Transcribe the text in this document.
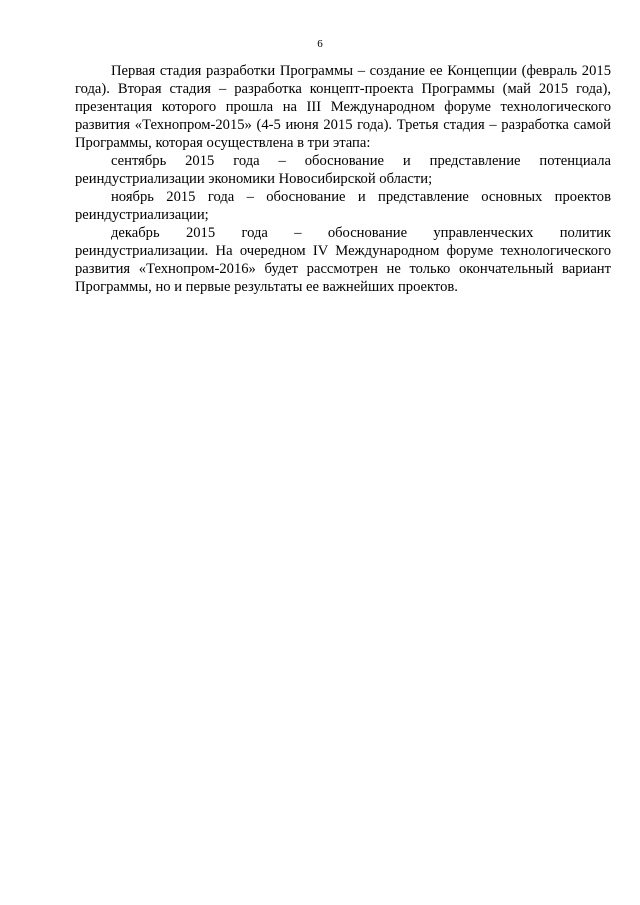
6

Первая стадия разработки Программы – создание ее Концепции (февраль 2015 года). Вторая стадия – разработка концепт-проекта Программы (май 2015 года), презентация которого прошла на III Международном форуме технологического развития «Технопром-2015» (4-5 июня 2015 года). Третья стадия – разработка самой Программы, которая осуществлена в три этапа:

сентябрь 2015 года – обоснование и представление потенциала реиндустриализации экономики Новосибирской области;

ноябрь 2015 года – обоснование и представление основных проектов реиндустриализации;

декабрь 2015 года – обоснование управленческих политик реиндустриализации. На очередном IV Международном форуме технологического развития «Технопром-2016» будет рассмотрен не только окончательный вариант Программы, но и первые результаты ее важнейших проектов.
